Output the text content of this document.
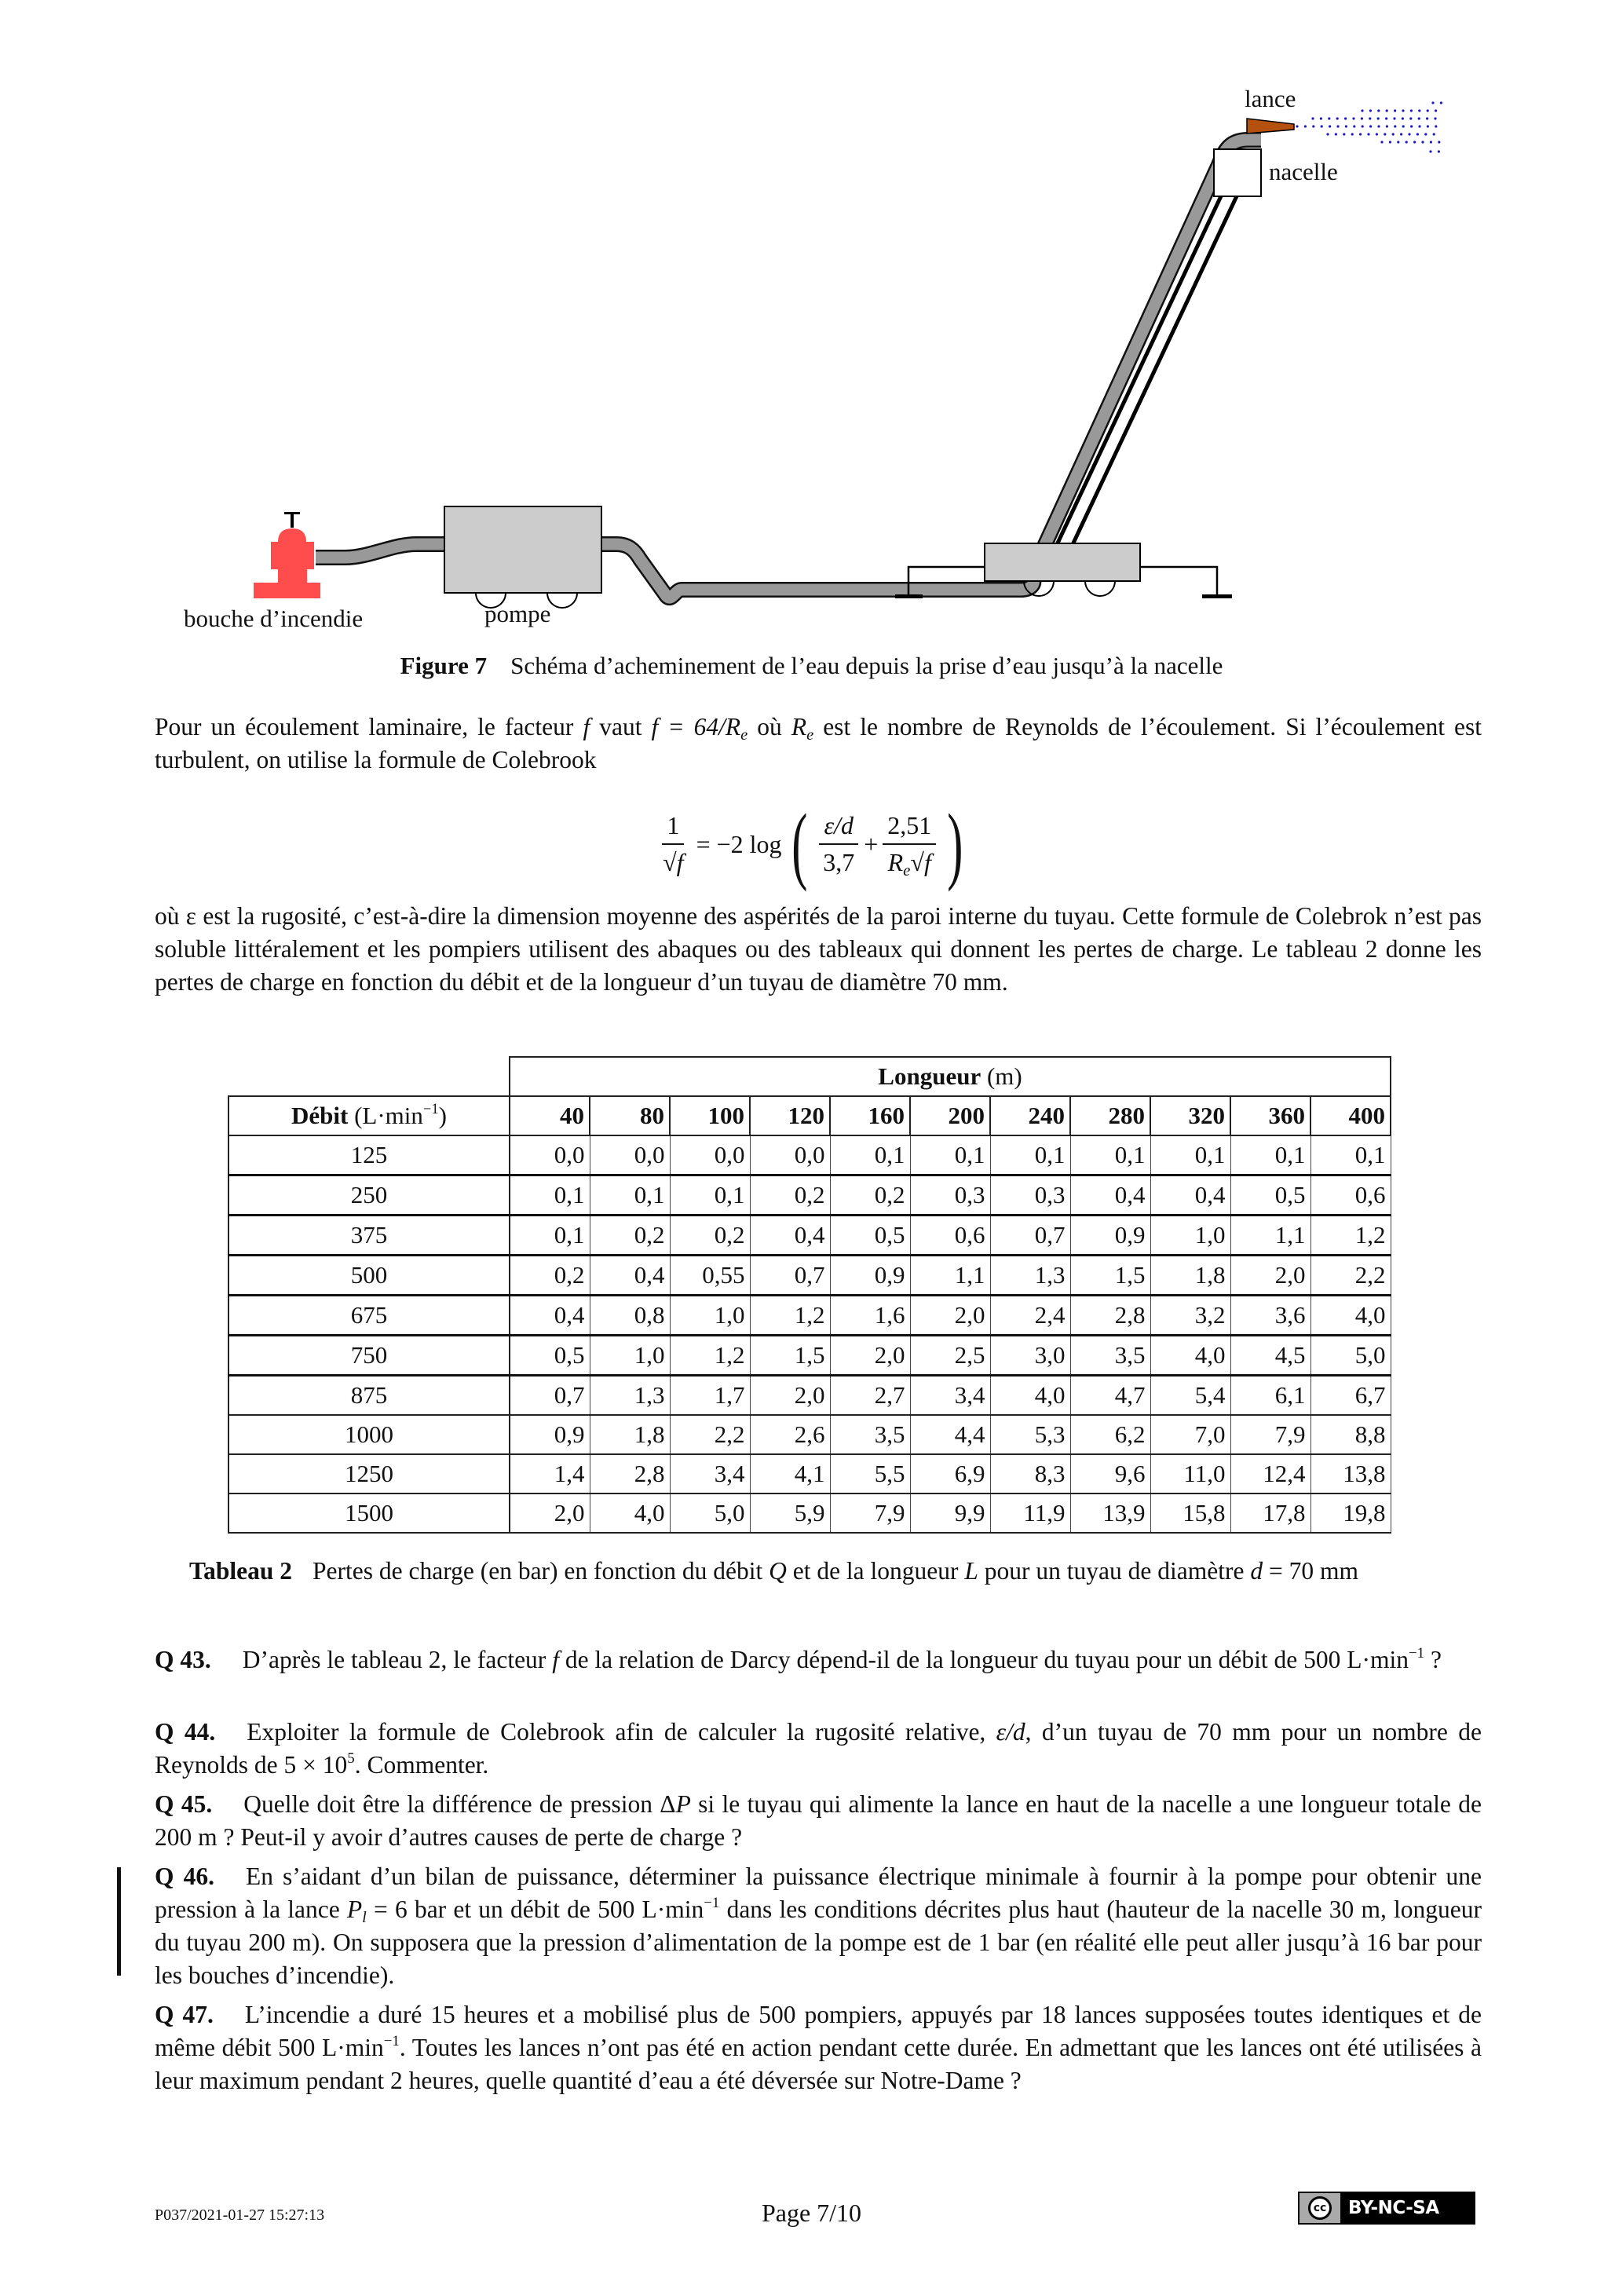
lance
nacelle
bouche d’incendie	pompe
Figure 7 Schéma d’acheminement de l’eau depuis la prise d’eau jusqu’à la nacelle
Pour un écoulement laminaire, le facteur f vaut $f = 64/R_e$ où $R_e$ est le nombre de Reynolds de l’écoulement. Si l’écoulement est turbulent, on utilise la formule de Colebrook
$\frac{1}{√f} = -2$ log ( $\frac{\varepsilon/d}{3,7} + \frac{2,51}{R_e√f}$ )
où ε est la rugosité, c’est-à-dire la dimension moyenne des aspérités de la paroi interne du tuyau. Cette formule de Colebrok n’est pas soluble littéralement et les pompiers utilisent des abaques ou des tableaux qui donnent les pertes de charge. Le tableau 2 donne les pertes de charge en fonction du débit et de la longueur d’un tuyau de diamètre 70 mm.
	Longueur (m)										
Débit $(L\cdot\min^{-1})$	40	80	100	120	160	200	240	280	320	360	400
125	0,0	0,0	0,0	0,0	0,1	0,1	0,1	0,1	0,1	0,1	0,1
250	0,1	0,1	0,1	0,2	0,2	0,3	0,3	0,4	0,4	0,5	0,6
375	0,1	0,2	0,2	0,4	0,5	0,6	0,7	0,9	1,0	1,1	1,2
500	0,2	0,4	0,55	0,7	0,9	1,1	1,3	1,5	1,8	2,0	2,2
675	0,4	0,8	1,0	1,2	1,6	2,0	2,4	2,8	3,2	3,6	4,0
750	0,5	1,0	1,2	1,5	2,0	2,5	3,0	3,5	4,0	4,5	5,0
875	0,7	1,3	1,7	2,0	2,7	3,4	4,0	4,7	5,4	6,1	6,7
1000	0,9	1,8	2,2	2,6	3,5	4,4	5,3	6,2	7,0	7,9	8,8
1250	1,4	2,8	3,4	4,1	5,5	6,9	8,3	9,6	11,0	12,4	13,8
1500	2,0	4,0	5,0	5,9	7,9	9,9	11,9	13,9	15,8	17,8	19,8
Tableau 2 Pertes de charge (en bar) en fonction du débit Q et de la longueur L pour un tuyau de diamètre d = 70 mm
Q 43. D’après le tableau 2, le facteur f de la relation de Darcy dépend-il de la longueur du tuyau pour un débit de 500 $L\cdot\min^{-1}$ ?
Q 44. Exploiter la formule de Colebrook afin de calculer la rugosité relative, ε/d, d’un tuyau de 70 mm pour un nombre de Reynolds de $5 \times 10^5$. Commenter.
Q 45. Quelle doit être la différence de pression ΔP si le tuyau qui alimente la lance en haut de la nacelle a une longueur totale de 200 m ? Peut-il y avoir d’autres causes de perte de charge ?
Q 46. En s’aidant d’un bilan de puissance, déterminer la puissance électrique minimale à fournir à la pompe pour obtenir une pression à la lance $P_l = 6$ bar et un débit de 500 $L\cdot\min^{-1}$ dans les conditions décrites plus haut (hauteur de la nacelle 30 m, longueur du tuyau 200 m). On supposera que la pression d’alimentation de la pompe est de 1 bar (en réalité elle peut aller jusqu’à 16 bar pour les bouches d’incendie).
Q 47. L’incendie a duré 15 heures et a mobilisé plus de 500 pompiers, appuyés par 18 lances supposées toutes identiques et de même débit 500 $L\cdot\min^{-1}$. Toutes les lances n’ont pas été en action pendant cette durée. En admettant que les lances ont été utilisées à leur maximum pendant 2 heures, quelle quantité d’eau a été déversée sur Notre-Dame ?
P037/2021-01-27 15:27:13	Page 7/10	cc BY-NC-SA
